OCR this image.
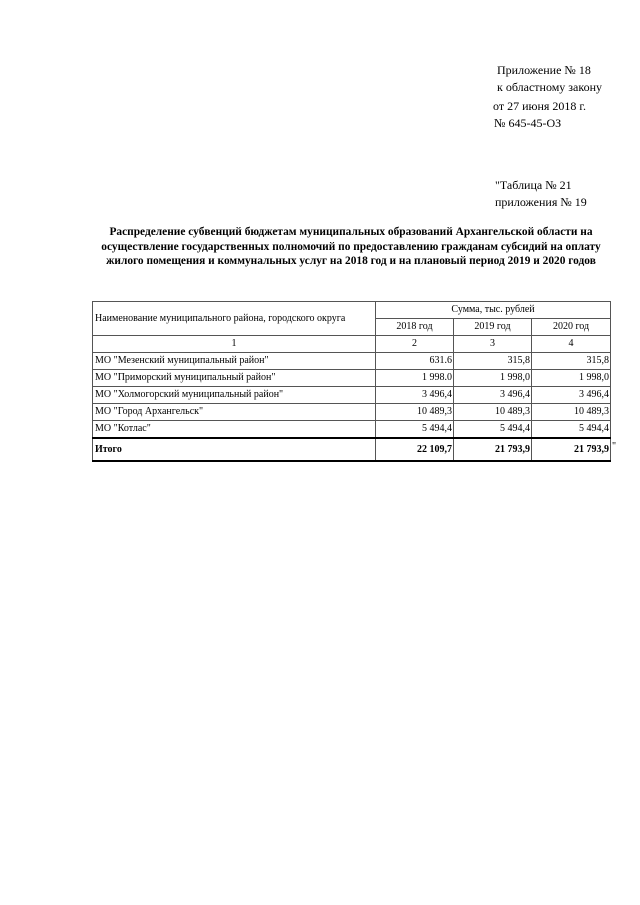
Приложение № 18
к областному закону
от 27 июня 2018 г.
№ 645-45-ОЗ
"Таблица № 21
приложения № 19
Распределение субвенций бюджетам муниципальных образований Архангельской области на осуществление государственных полномочий по предоставлению гражданам субсидий на оплату жилого помещения и коммунальных услуг на 2018 год и на плановый период 2019 и 2020 годов
Наименование муниципального района, городского округа	Сумма, тыс. рублей		
	2018 год	2019 год	2020 год
1	2	3	4
МО "Мезенский муниципальный район"	631.6	315,8	315,8
МО "Приморский муниципальный район"	1 998.0	1 998,0	1 998,0
МО "Холмогорский муниципальный район"	3 496,4	3 496,4	3 496,4
МО "Город Архангельск"	10 489,3	10 489,3	10 489,3
МО "Котлас"	5 494,4	5 494,4	5 494,4
Итого	22 109,7	21 793,9	21 793,9 "
